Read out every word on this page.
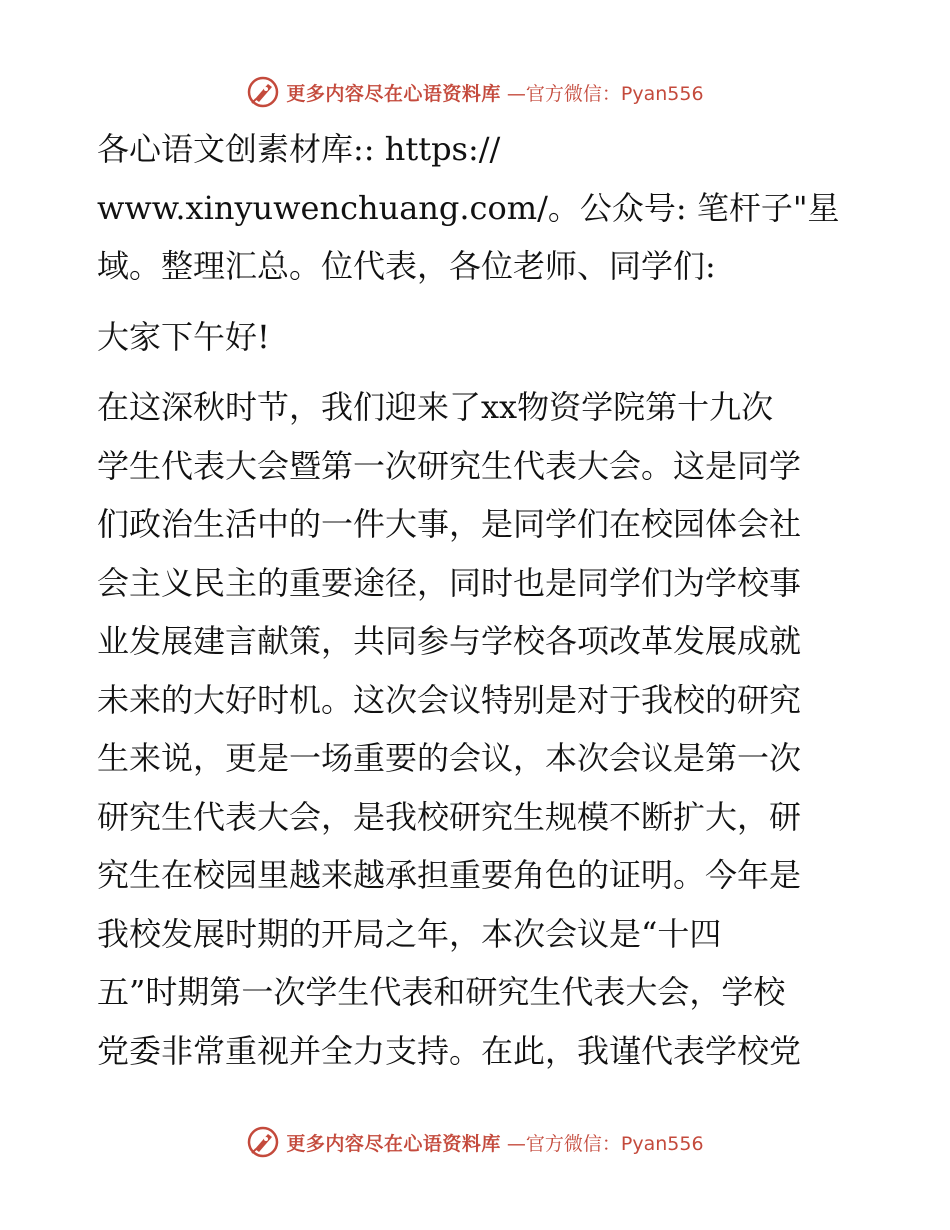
更多内容尽在心语资料库 —官方微信：Pyan556
各心语文创素材库:: https://
www.xinyuwenchuang.com/。公众号: 笔杆子"星
域。整理汇总。位代表，各位老师、同学们:
大家下午好!
在这深秋时节，我们迎来了xx物资学院第十九次
学生代表大会暨第一次研究生代表大会。这是同学
们政治生活中的一件大事，是同学们在校园体会社
会主义民主的重要途径，同时也是同学们为学校事
业发展建言献策，共同参与学校各项改革发展成就
未来的大好时机。这次会议特别是对于我校的研究
生来说，更是一场重要的会议，本次会议是第一次
研究生代表大会，是我校研究生规模不断扩大，研
究生在校园里越来越承担重要角色的证明。今年是
我校发展时期的开局之年，本次会议是“十四
五”时期第一次学生代表和研究生代表大会，学校
党委非常重视并全力支持。在此，我谨代表学校党
更多内容尽在心语资料库 —官方微信：Pyan556
